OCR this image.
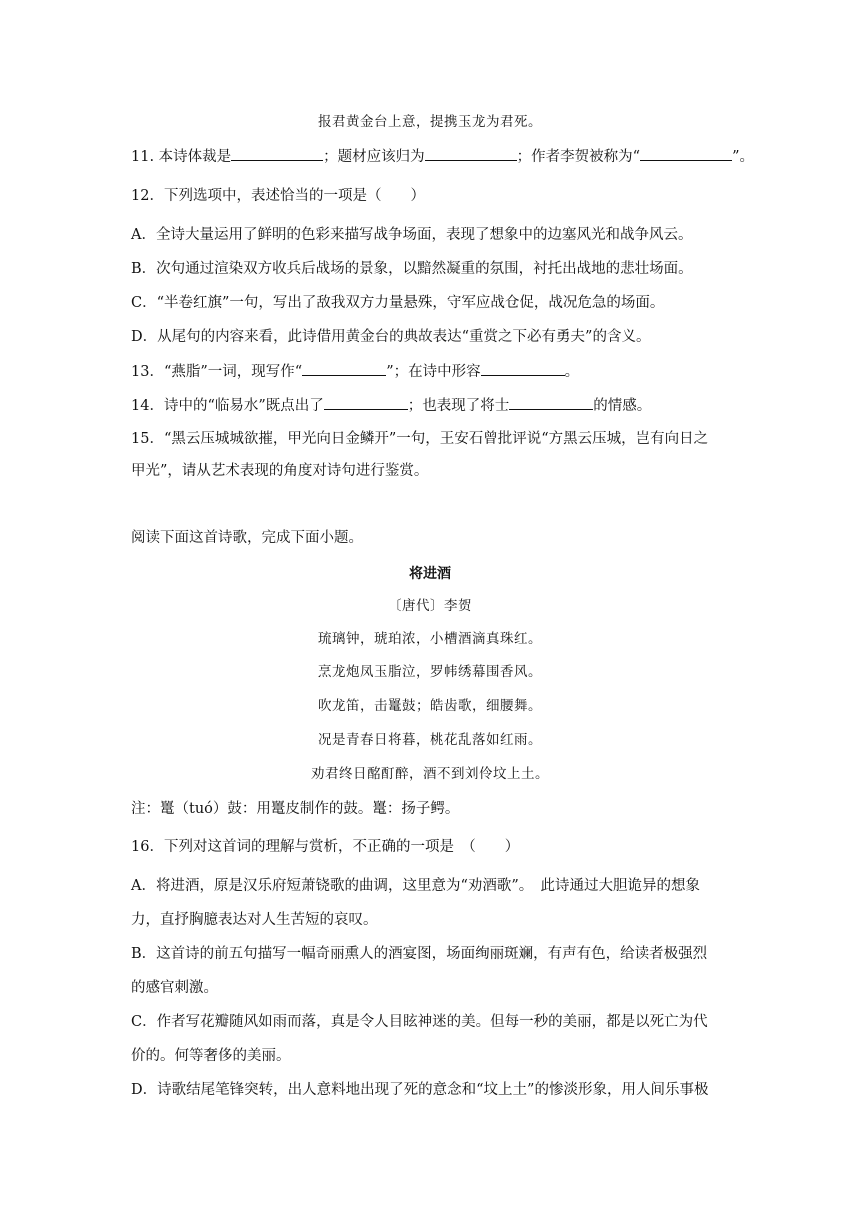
报君黄金台上意，提携玉龙为君死。
11. 本诗体裁是	；题材应该归为	；作者李贺被称为“	”。
12．下列选项中，表述恰当的一项是（　　）
A．全诗大量运用了鲜明的色彩来描写战争场面，表现了想象中的边塞风光和战争风云。
B．次句通过渲染双方收兵后战场的景象，以黯然凝重的氛围，衬托出战地的悲壮场面。
C．“半卷红旗”一句，写出了敌我双方力量悬殊，守军应战仓促，战况危急的场面。
D．从尾句的内容来看，此诗借用黄金台的典故表达“重赏之下必有勇夫”的含义。
13．“燕脂”一词，现写作“	”；在诗中形容	。
14．诗中的“临易水”既点出了	；也表现了将士	的情感。
15．“黑云压城城欲摧，甲光向日金鳞开”一句，王安石曾批评说“方黑云压城，岂有向日之
甲光”，请从艺术表现的角度对诗句进行鉴赏。
阅读下面这首诗歌，完成下面小题。
将进酒
〔唐代〕李贺
琉璃钟，琥珀浓，小槽酒滴真珠红。
烹龙炮凤玉脂泣，罗帏绣幕围香风。
吹龙笛，击鼍鼓；皓齿歌，细腰舞。
况是青春日将暮，桃花乱落如红雨。
劝君终日酩酊醉，酒不到刘伶坟上土。
注：鼍（tuó）鼓：用鼍皮制作的鼓。鼍：扬子鳄。
16．下列对这首词的理解与赏析，不正确的一项是　（　　）
A．将进酒，原是汉乐府短萧铙歌的曲调，这里意为“劝酒歌”。　此诗通过大胆诡异的想象
力，直抒胸臆表达对人生苦短的哀叹。
B．这首诗的前五句描写一幅奇丽熏人的酒宴图，场面绚丽斑斓，有声有色，给读者极强烈
的感官刺激。
C．作者写花瓣随风如雨而落，真是令人目眩神迷的美。但每一秒的美丽，都是以死亡为代
价的。何等奢侈的美丽。
D．诗歌结尾笔锋突转，出人意料地出现了死的意念和“坟上土”的惨淡形象，用人间乐事极
